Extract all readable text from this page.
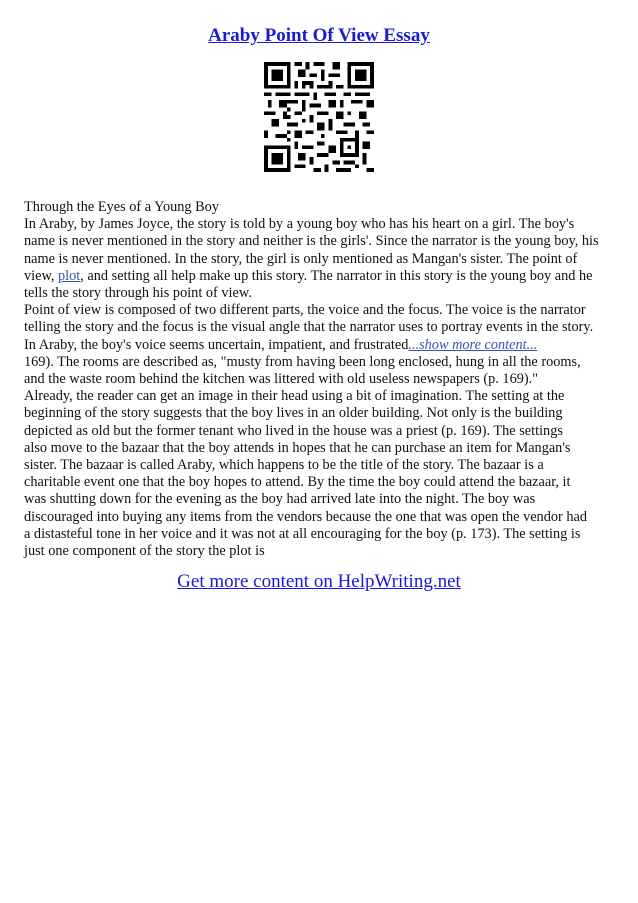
Araby Point Of View Essay
Through the Eyes of a Young Boy
In Araby, by James Joyce, the story is told by a young boy who has his heart on a girl. The boy's
name is never mentioned in the story and neither is the girls'. Since the narrator is the young boy, his
name is never mentioned. In the story, the girl is only mentioned as Mangan's sister. The point of
view, plot, and setting all help make up this story. The narrator in this story is the young boy and he
tells the story through his point of view.
Point of view is composed of two different parts, the voice and the focus. The voice is the narrator
telling the story and the focus is the visual angle that the narrator uses to portray events in the story.
In Araby, the boy's voice seems uncertain, impatient, and frustrated...show more content...
169). The rooms are described as, "musty from having been long enclosed, hung in all the rooms,
and the waste room behind the kitchen was littered with old useless newspapers (p. 169)."
Already, the reader can get an image in their head using a bit of imagination. The setting at the
beginning of the story suggests that the boy lives in an older building. Not only is the building
depicted as old but the former tenant who lived in the house was a priest (p. 169). The settings
also move to the bazaar that the boy attends in hopes that he can purchase an item for Mangan's
sister. The bazaar is called Araby, which happens to be the title of the story. The bazaar is a
charitable event one that the boy hopes to attend. By the time the boy could attend the bazaar, it
was shutting down for the evening as the boy had arrived late into the night. The boy was
discouraged into buying any items from the vendors because the one that was open the vendor had
a distasteful tone in her voice and it was not at all encouraging for the boy (p. 173). The setting is
just one component of the story the plot is
Get more content on HelpWriting.net
